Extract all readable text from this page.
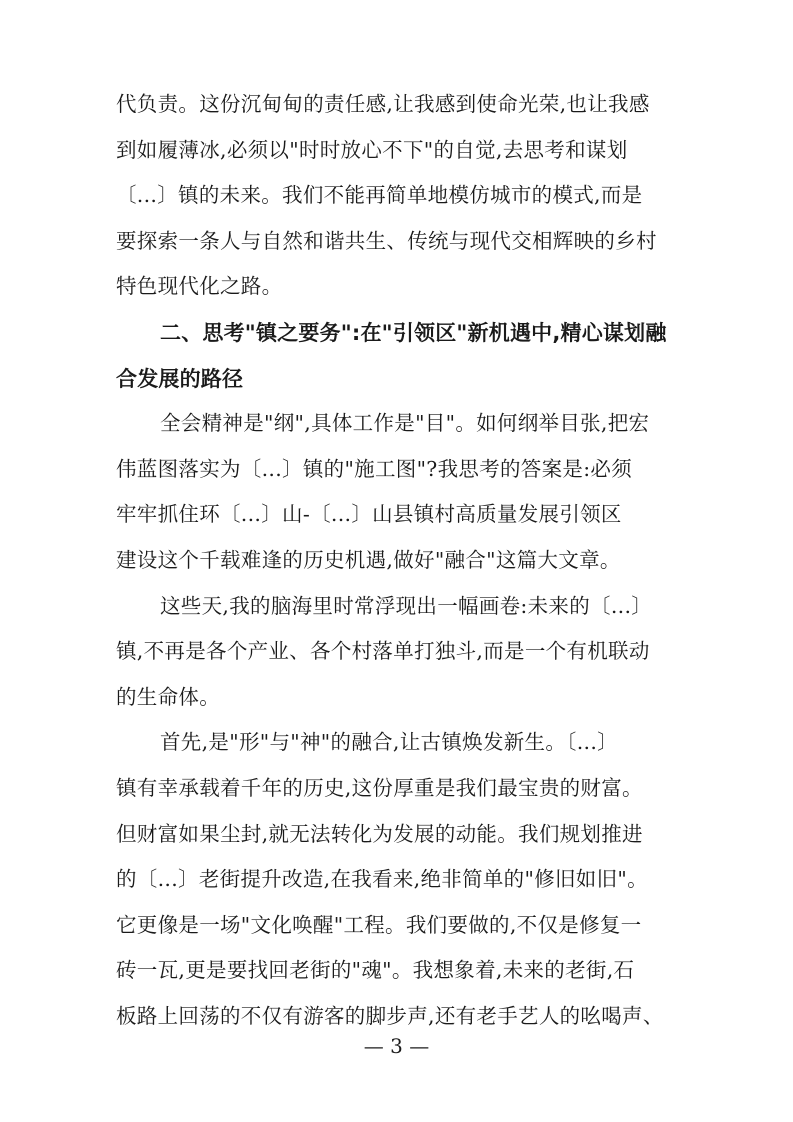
代负责。这份沉甸甸的责任感,让我感到使命光荣,也让我感
到如履薄冰,必须以"时时放心不下"的自觉,去思考和谋划
〔...〕镇的未来。我们不能再简单地模仿城市的模式,而是
要探索一条人与自然和谐共生、传统与现代交相辉映的乡村
特色现代化之路。
二、思考"镇之要务":在"引领区"新机遇中,精心谋划融
合发展的路径
全会精神是"纲",具体工作是"目"。如何纲举目张,把宏
伟蓝图落实为〔...〕镇的"施工图"?我思考的答案是:必须
牢牢抓住环〔...〕山-〔...〕山县镇村高质量发展引领区
建设这个千载难逢的历史机遇,做好"融合"这篇大文章。
这些天,我的脑海里时常浮现出一幅画卷:未来的〔...〕
镇,不再是各个产业、各个村落单打独斗,而是一个有机联动
的生命体。
首先,是"形"与"神"的融合,让古镇焕发新生。〔...〕
镇有幸承载着千年的历史,这份厚重是我们最宝贵的财富。
但财富如果尘封,就无法转化为发展的动能。我们规划推进
的〔...〕老街提升改造,在我看来,绝非简单的"修旧如旧"。
它更像是一场"文化唤醒"工程。我们要做的,不仅是修复一
砖一瓦,更是要找回老街的"魂"。我想象着,未来的老街,石
板路上回荡的不仅有游客的脚步声,还有老手艺人的吆喝声、
— 3 —
